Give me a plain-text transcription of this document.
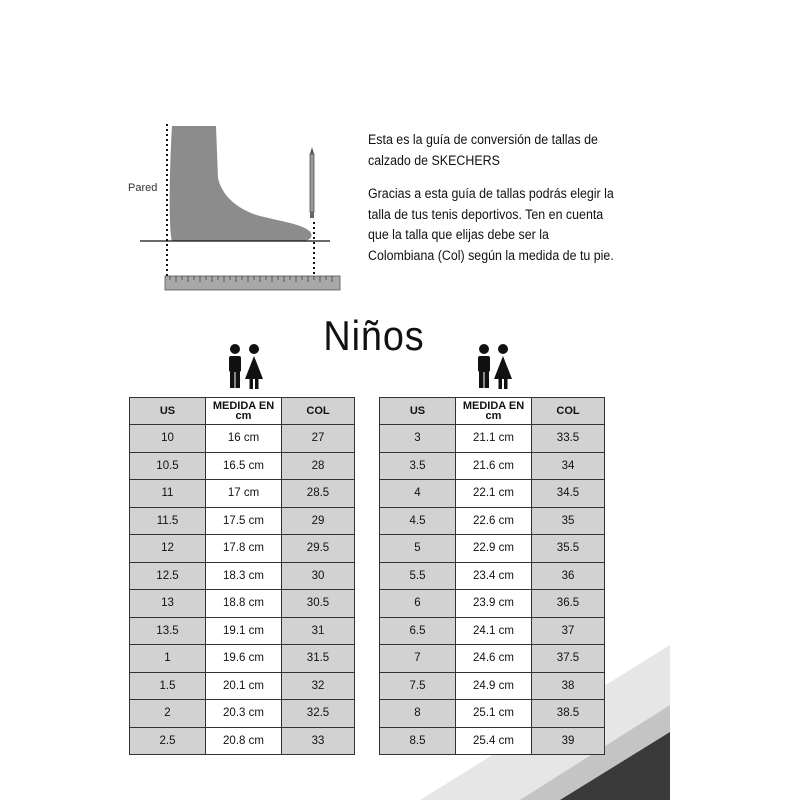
Pared

Esta es la guía de conversión de tallas de calzado de SKECHERS

Gracias a esta guía de tallas podrás elegir la talla de tus tenis deportivos. Ten en cuenta que la talla que elijas debe ser la Colombiana (Col) según la medida de tu pie.

Niños
US	MEDIDA EN cm	COL
10	16 cm	27
10.5	16.5 cm	28
11	17 cm	28.5
11.5	17.5 cm	29
12	17.8 cm	29.5
12.5	18.3 cm	30
13	18.8 cm	30.5
13.5	19.1 cm	31
1	19.6 cm	31.5
1.5	20.1 cm	32
2	20.3 cm	32.5
2.5	20.8 cm	33
US	MEDIDA EN cm	COL
3	21.1 cm	33.5
3.5	21.6 cm	34
4	22.1 cm	34.5
4.5	22.6 cm	35
5	22.9 cm	35.5
5.5	23.4 cm	36
6	23.9 cm	36.5
6.5	24.1 cm	37
7	24.6 cm	37.5
7.5	24.9 cm	38
8	25.1 cm	38.5
8.5	25.4 cm	39
